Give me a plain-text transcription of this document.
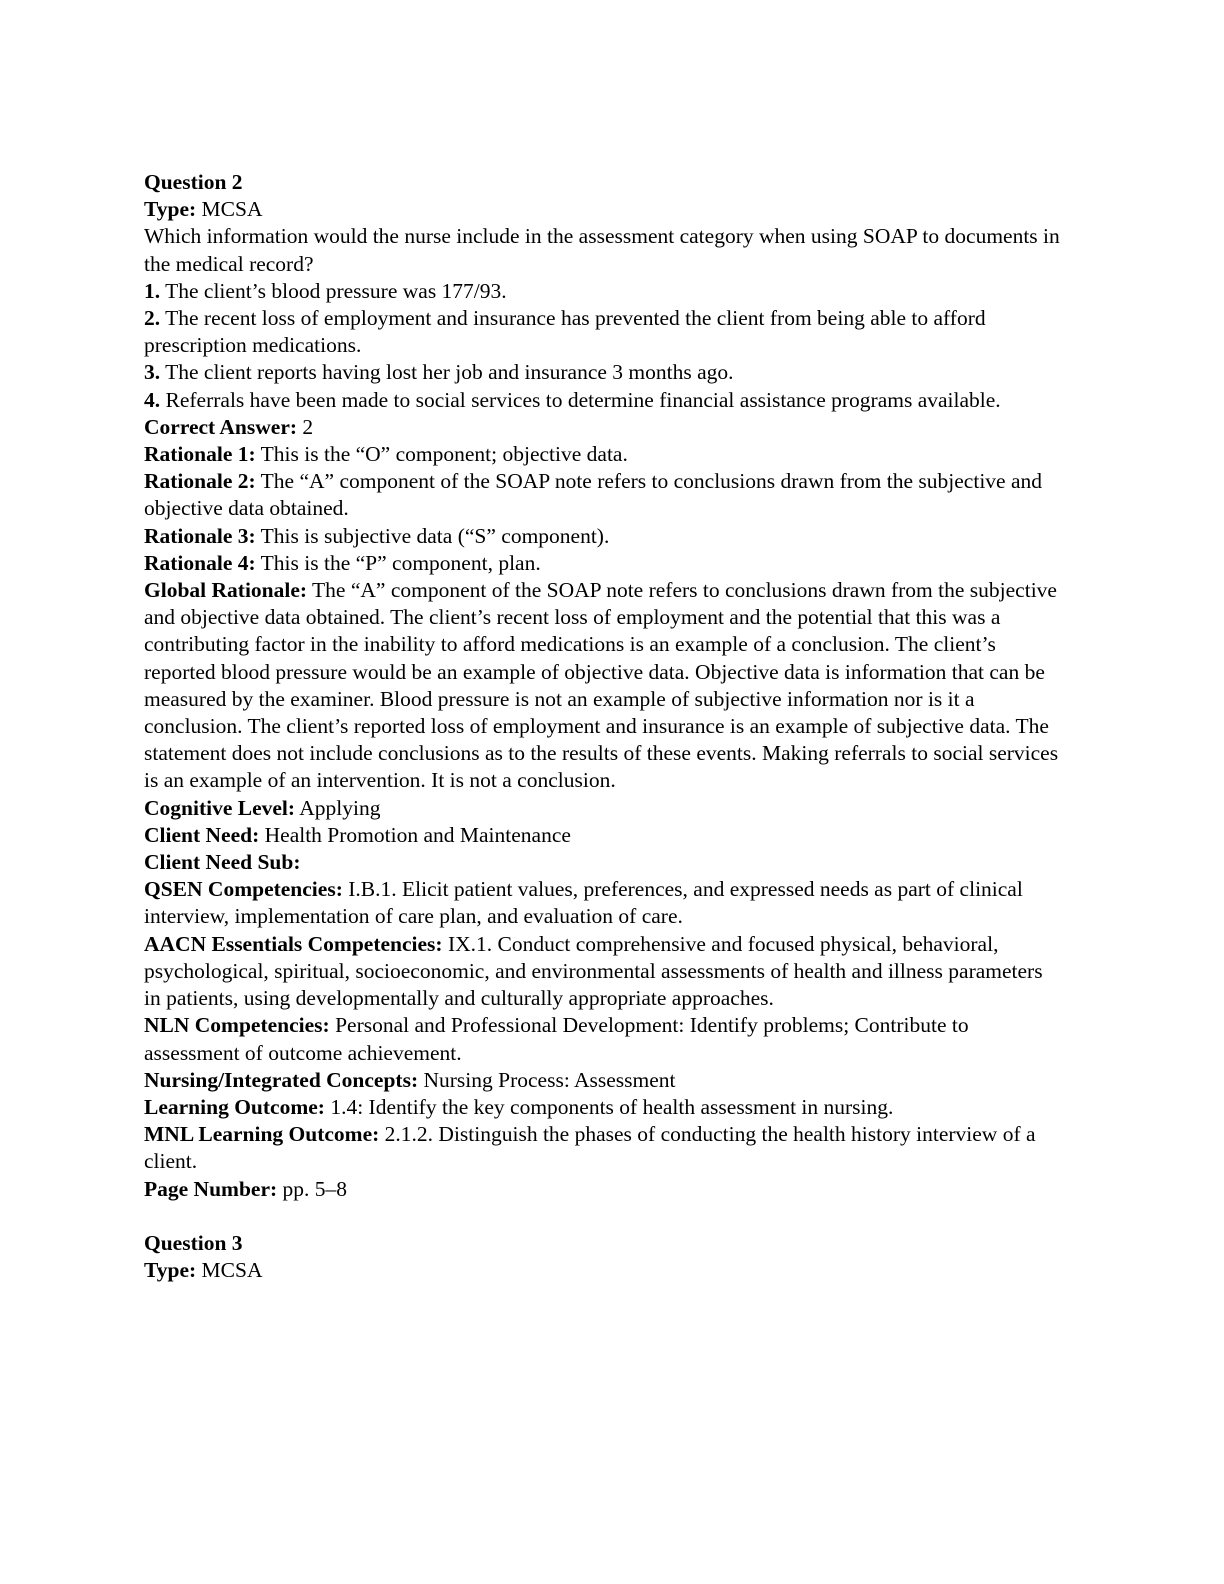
Question 2

Type: MCSA

Which information would the nurse include in the assessment category when using SOAP to documents in the medical record?

1. The client’s blood pressure was 177/93.

2. The recent loss of employment and insurance has prevented the client from being able to afford prescription medications.

3. The client reports having lost her job and insurance 3 months ago.

4. Referrals have been made to social services to determine financial assistance programs available.

Correct Answer: 2

Rationale 1: This is the “O” component; objective data.

Rationale 2: The “A” component of the SOAP note refers to conclusions drawn from the subjective and objective data obtained.

Rationale 3: This is subjective data (“S” component).

Rationale 4: This is the “P” component, plan.

Global Rationale: The “A” component of the SOAP note refers to conclusions drawn from the subjective and objective data obtained. The client’s recent loss of employment and the potential that this was a contributing factor in the inability to afford medications is an example of a conclusion. The client’s reported blood pressure would be an example of objective data. Objective data is information that can be measured by the examiner. Blood pressure is not an example of subjective information nor is it a conclusion. The client’s reported loss of employment and insurance is an example of subjective data. The statement does not include conclusions as to the results of these events. Making referrals to social services is an example of an intervention. It is not a conclusion.

Cognitive Level: Applying

Client Need: Health Promotion and Maintenance

Client Need Sub:

QSEN Competencies: I.B.1. Elicit patient values, preferences, and expressed needs as part of clinical interview, implementation of care plan, and evaluation of care.

AACN Essentials Competencies: IX.1. Conduct comprehensive and focused physical, behavioral, psychological, spiritual, socioeconomic, and environmental assessments of health and illness parameters in patients, using developmentally and culturally appropriate approaches.

NLN Competencies: Personal and Professional Development: Identify problems; Contribute to assessment of outcome achievement.

Nursing/Integrated Concepts: Nursing Process: Assessment

Learning Outcome: 1.4: Identify the key components of health assessment in nursing.

MNL Learning Outcome: 2.1.2. Distinguish the phases of conducting the health history interview of a client.

Page Number: pp. 5–8

Question 3

Type: MCSA
